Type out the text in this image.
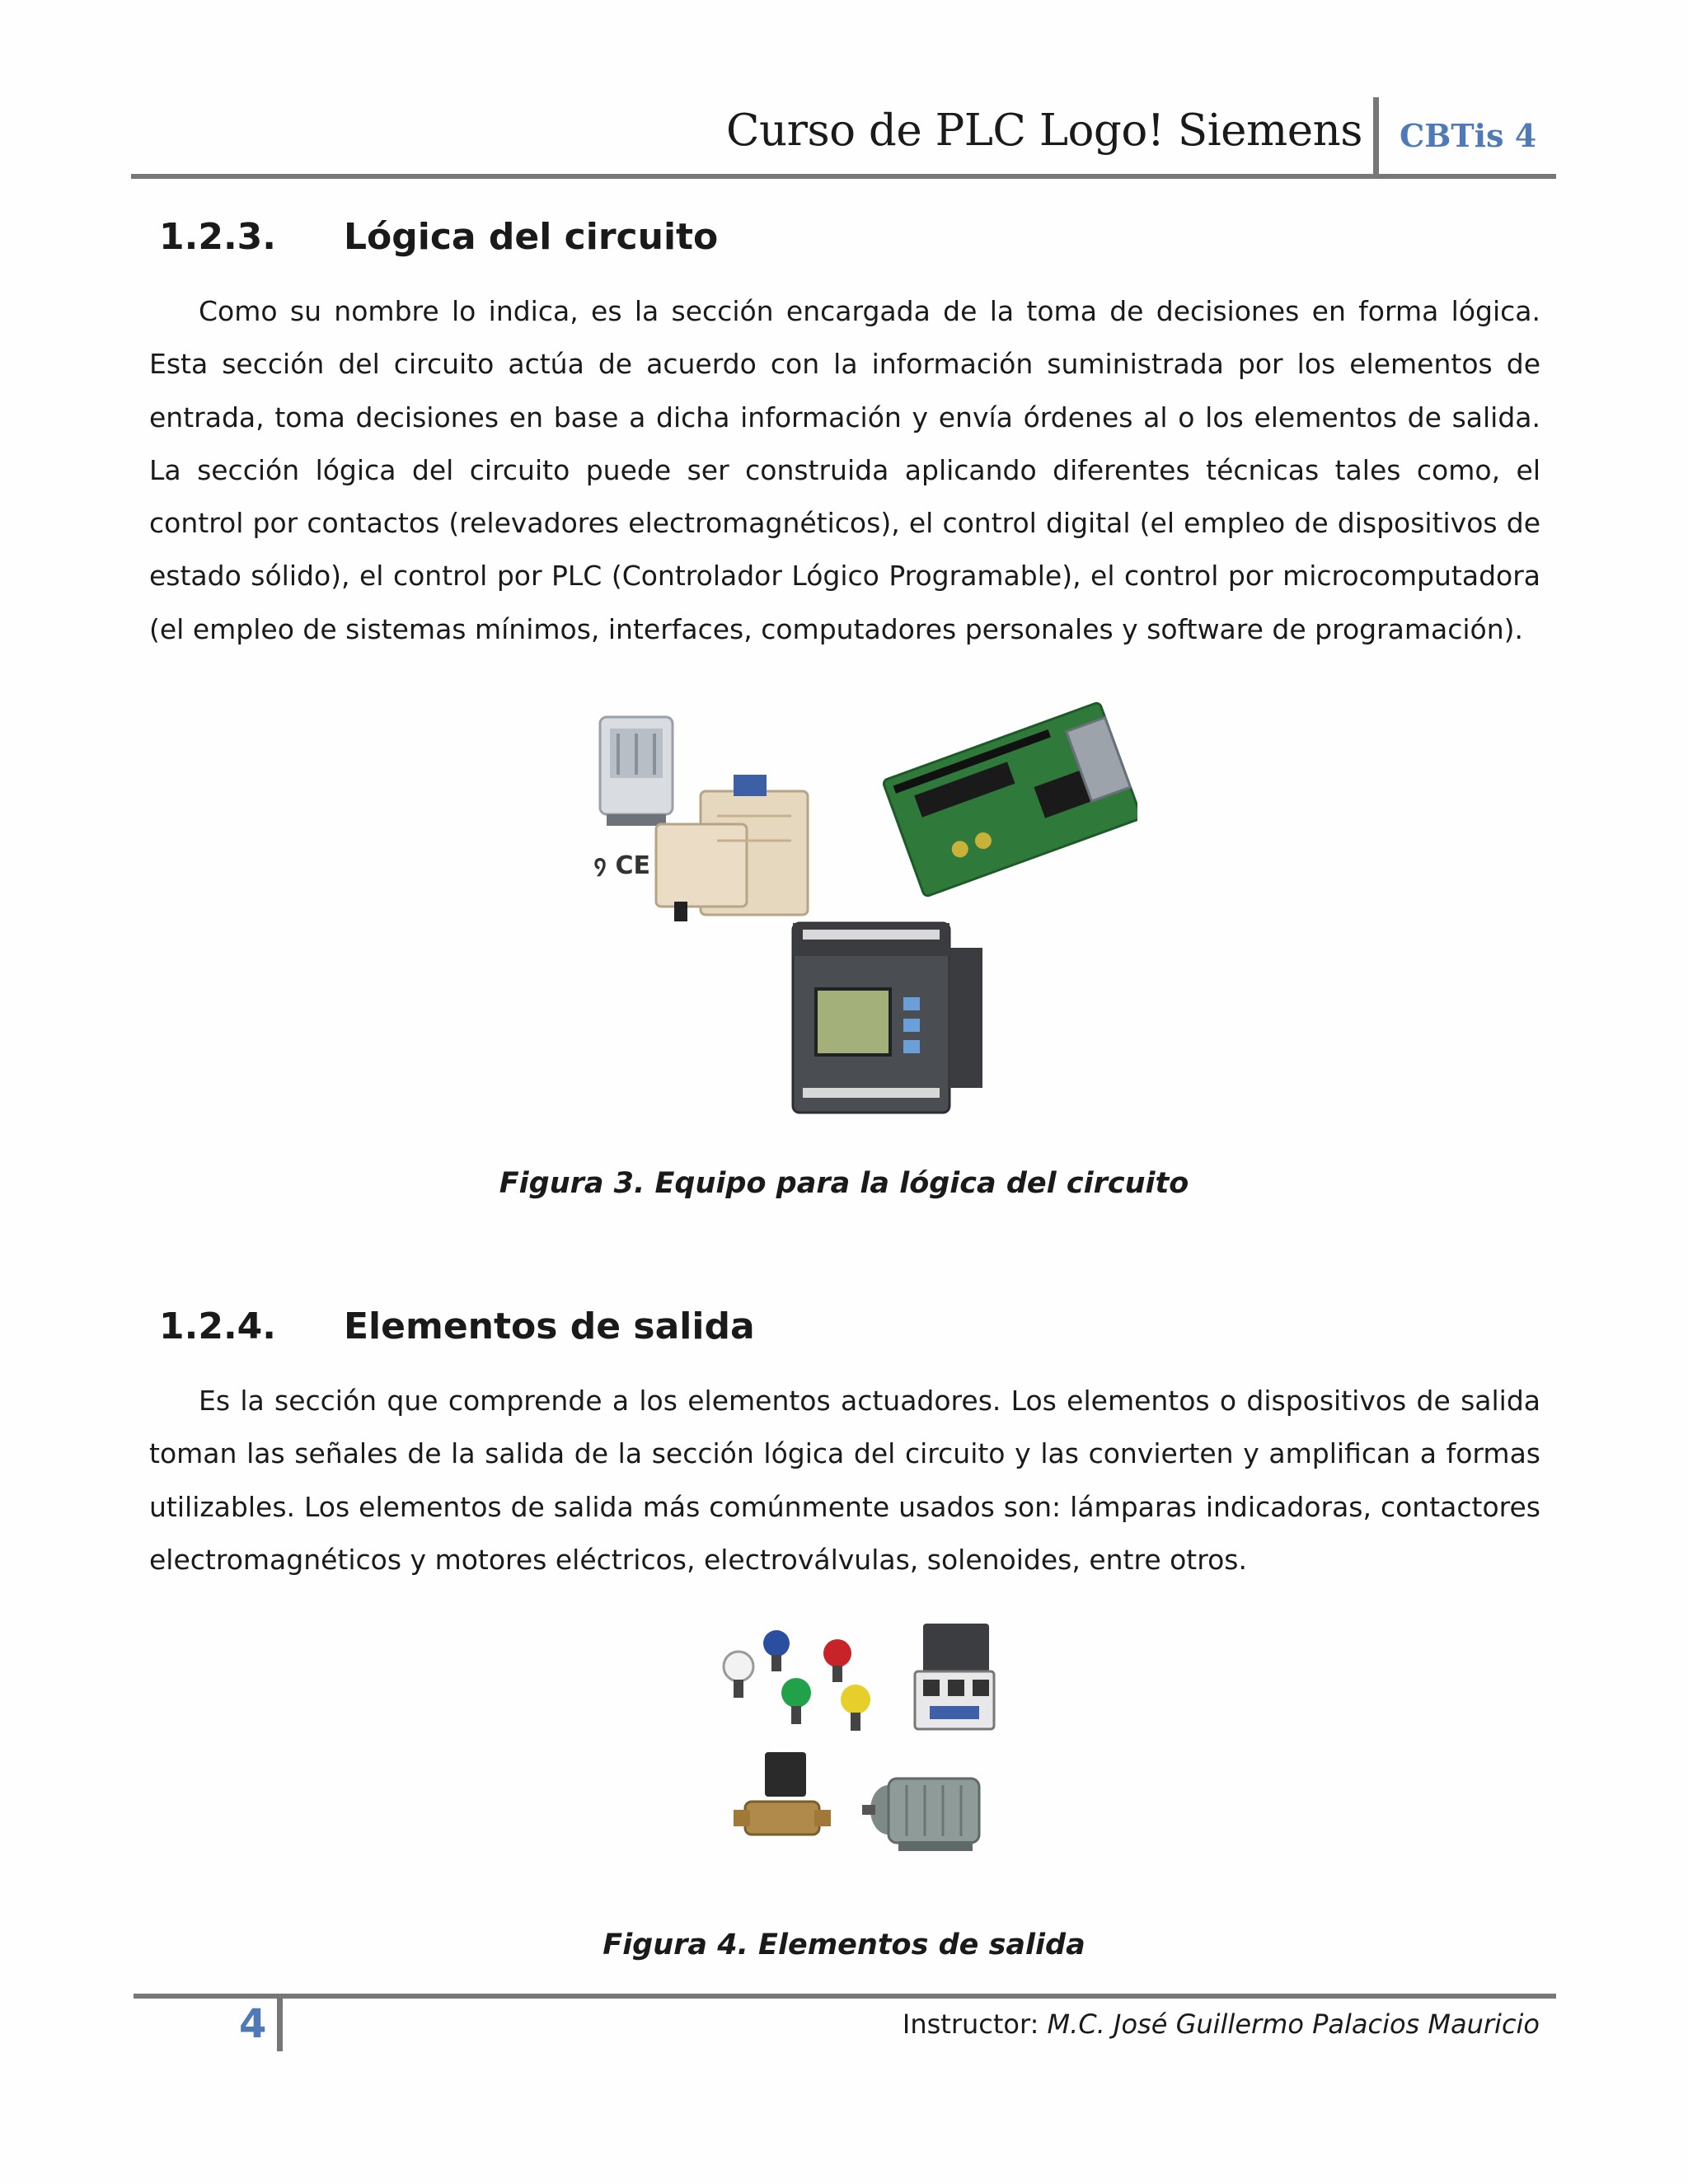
Curso de PLC Logo! Siemens CBTis 4
1.2.3. Lógica del circuito
Como su nombre lo indica, es la sección encargada de la toma de decisiones en forma lógica. Esta sección del circuito actúa de acuerdo con la información suministrada por los elementos de entrada, toma decisiones en base a dicha información y envía órdenes al o los elementos de salida. La sección lógica del circuito puede ser construida aplicando diferentes técnicas tales como, el control por contactos (relevadores electromagnéticos), el control digital (el empleo de dispositivos de estado sólido), el control por PLC (Controlador Lógico Programable), el control por microcomputadora (el empleo de sistemas mínimos, interfaces, computadores personales y software de programación).
᠀ CE
Figura 3. Equipo para la lógica del circuito
1.2.4. Elementos de salida
Es la sección que comprende a los elementos actuadores. Los elementos o dispositivos de salida toman las señales de la salida de la sección lógica del circuito y las convierten y amplifican a formas utilizables. Los elementos de salida más comúnmente usados son: lámparas indicadoras, contactores electromagnéticos y motores eléctricos, electroválvulas, solenoides, entre otros.
Figura 4. Elementos de salida
4	Instructor: M.C. José Guillermo Palacios Mauricio
